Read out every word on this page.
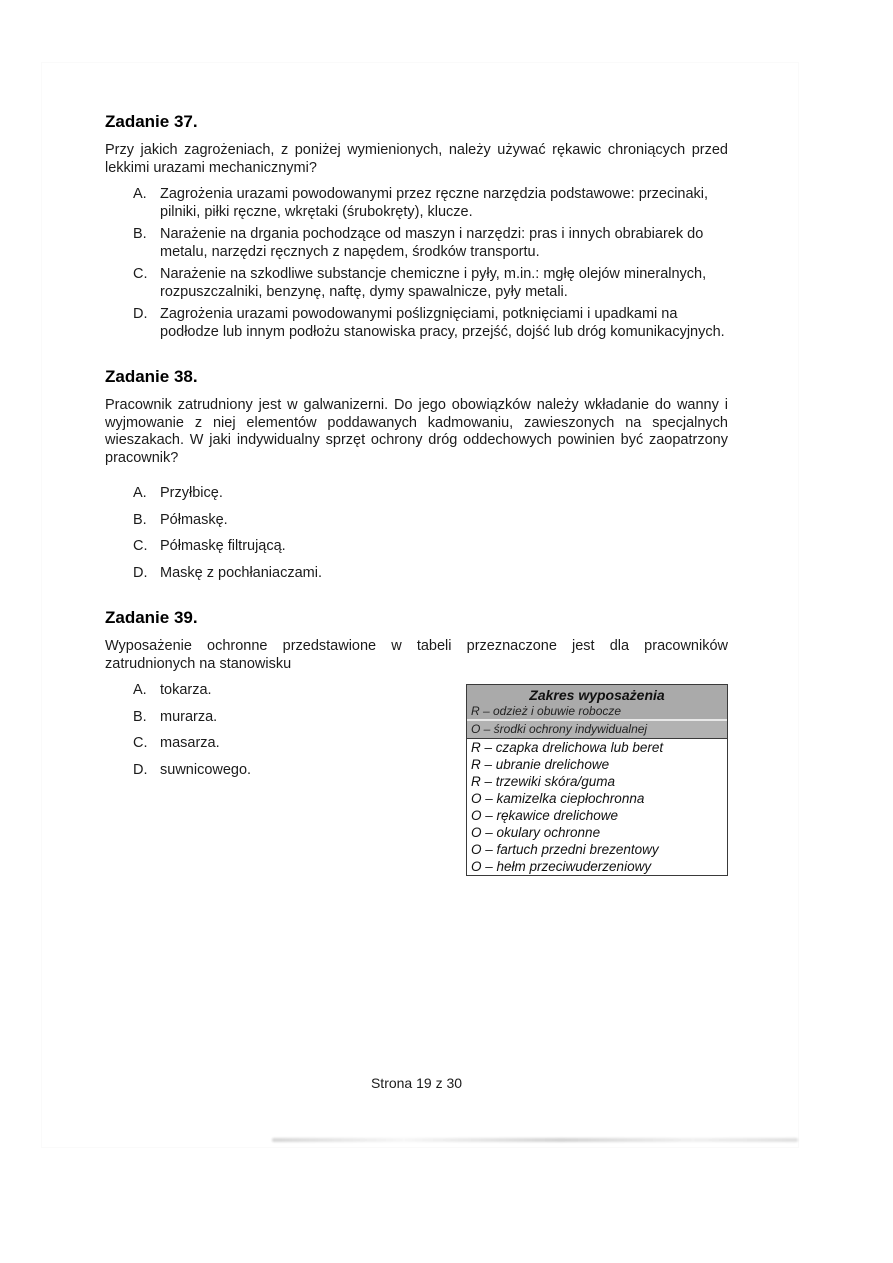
Zadanie 37.

Przy jakich zagrożeniach, z poniżej wymienionych, należy używać rękawic chroniących przed lekkimi urazami mechanicznymi?

A. Zagrożenia urazami powodowanymi przez ręczne narzędzia podstawowe: przecinaki, pilniki, piłki ręczne, wkrętaki (śrubokręty), klucze.
B. Narażenie na drgania pochodzące od maszyn i narzędzi: pras i innych obrabiarek do metalu, narzędzi ręcznych z napędem, środków transportu.
C. Narażenie na szkodliwe substancje chemiczne i pyły, m.in.: mgłę olejów mineralnych, rozpuszczalniki, benzynę, naftę, dymy spawalnicze, pyły metali.
D. Zagrożenia urazami powodowanymi poślizgnięciami, potknięciami i upadkami na podłodze lub innym podłożu stanowiska pracy, przejść, dojść lub dróg komunikacyjnych.
Zadanie 38.

Pracownik zatrudniony jest w galwanizerni. Do jego obowiązków należy wkładanie do wanny i wyjmowanie z niej elementów poddawanych kadmowaniu, zawieszonych na specjalnych wieszakach. W jaki indywidualny sprzęt ochrony dróg oddechowych powinien być zaopatrzony pracownik?

A. Przyłbicę.
B. Półmaskę.
C. Półmaskę filtrującą.
D. Maskę z pochłaniaczami.
Zadanie 39.

Wyposażenie ochronne przedstawione w tabeli przeznaczone jest dla pracowników zatrudnionych na stanowisku

A. tokarza.
B. murarza.
C. masarza.
D. suwnicowego.
Zakres wyposażenia
R – odzież i obuwie robocze
O – środki ochrony indywidualnej
R – czapka drelichowa lub beret
R – ubranie drelichowe
R – trzewiki skóra/guma
O – kamizelka ciepłochronna
O – rękawice drelichowe
O – okulary ochronne
O – fartuch przedni brezentowy
O – hełm przeciwuderzeniowy
Strona 19 z 30
